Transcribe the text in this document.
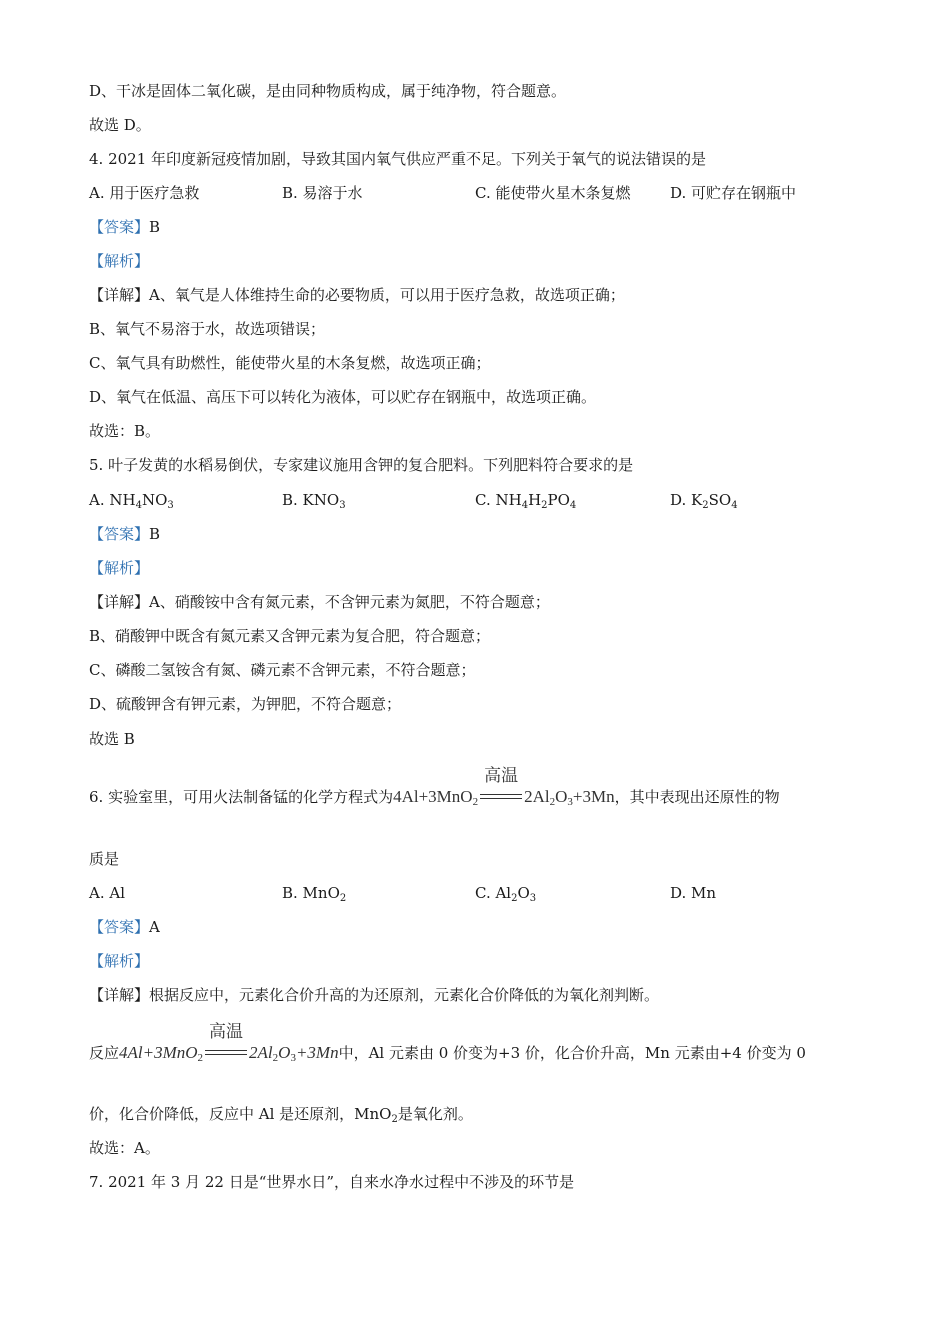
D、干冰是固体二氧化碳，是由同种物质构成，属于纯净物，符合题意。
故选 D。
4. 2021 年印度新冠疫情加剧，导致其国内氧气供应严重不足。下列关于氧气的说法错误的是
A. 用于医疗急救	B. 易溶于水	C. 能使带火星木条复燃	D. 可贮存在钢瓶中
【答案】B
【解析】
【详解】A、氧气是人体维持生命的必要物质，可以用于医疗急救，故选项正确；
B、氧气不易溶于水，故选项错误；
C、氧气具有助燃性，能使带火星的木条复燃，故选项正确；
D、氧气在低温、高压下可以转化为液体，可以贮存在钢瓶中，故选项正确。
故选：B。
5. 叶子发黄的水稻易倒伏，专家建议施用含钾的复合肥料。下列肥料符合要求的是
A. $NH_4NO_3$	B. $KNO_3$	C. $NH_4H_2PO_4$	D. $K_2SO_4$
【答案】B
【解析】
【详解】A、硝酸铵中含有氮元素，不含钾元素为氮肥，不符合题意；
B、硝酸钾中既含有氮元素又含钾元素为复合肥，符合题意；
C、磷酸二氢铵含有氮、磷元素不含钾元素，不符合题意；
D、硫酸钾含有钾元素，为钾肥，不符合题意；
故选 B
6. 实验室里，可用火法制备锰的化学方程式为4Al+3MnO$_2$
高温
$2Al_2O_3+3Mn$，其中表现出还原性的物
质是
A. Al	B. MnO$_2$	C. $Al_2O_3$	D. Mn
【答案】A
【解析】
【详解】根据反应中，元素化合价升高的为还原剂，元素化合价降低的为氧化剂判断。
反应4Al+3MnO$_2$
高温
$2Al_2O_3+3Mn$中，Al 元素由 0 价变为+3 价，化合价升高，Mn 元素由+4 价变为 0
价，化合价降低，反应中 Al 是还原剂，MnO$_2$是氧化剂。
故选：A。
7. 2021 年 3 月 22 日是“世界水日”，自来水净水过程中不涉及的环节是
